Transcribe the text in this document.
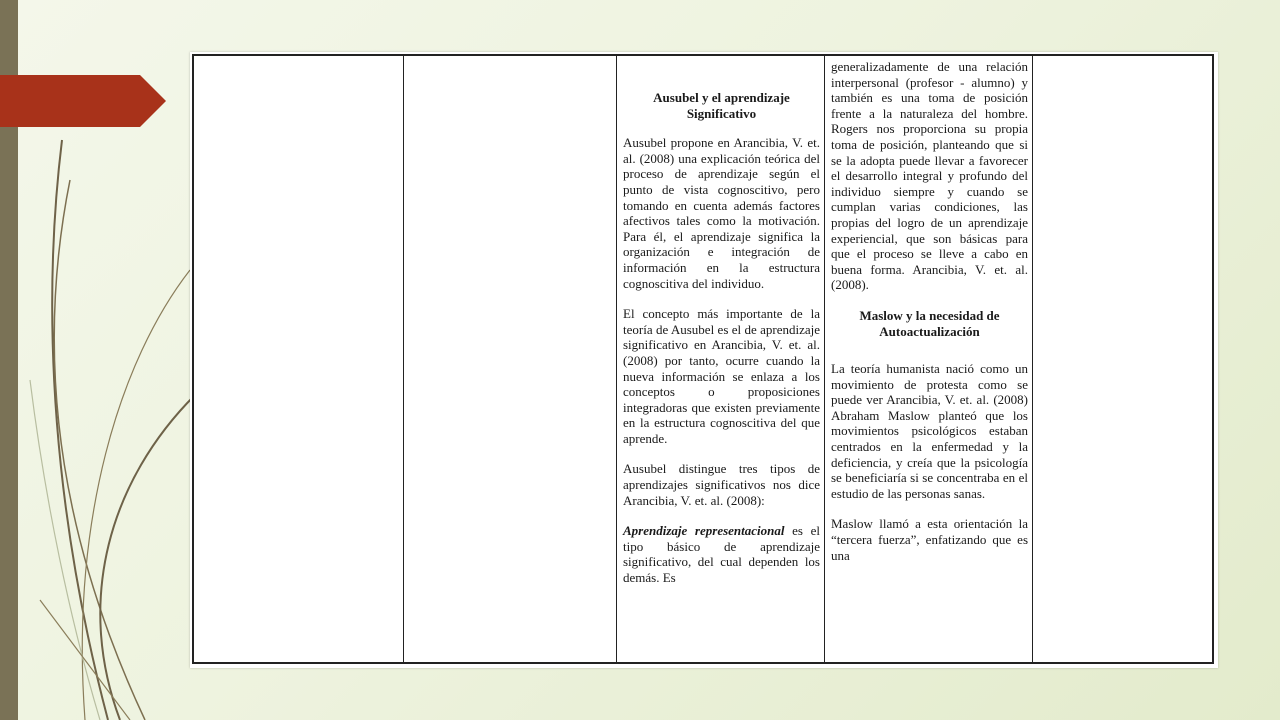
Ausubel y el aprendizaje Significativo

Ausubel propone en Arancibia, V. et. al. (2008) una explicación teórica del proceso de aprendizaje según el punto de vista cognoscitivo, pero tomando en cuenta además factores afectivos tales como la motivación. Para él, el aprendizaje significa la organización e integración de información en la estructura cognoscitiva del individuo.

El concepto más importante de la teoría de Ausubel es el de aprendizaje significativo en Arancibia, V. et. al. (2008) por tanto, ocurre cuando la nueva información se enlaza a los conceptos o proposiciones integradoras que existen previamente en la estructura cognoscitiva del que aprende.

Ausubel distingue tres tipos de aprendizajes significativos nos dice Arancibia, V. et. al. (2008):

Aprendizaje representacional es el tipo básico de aprendizaje significativo, del cual dependen los demás. Es

generalizadamente de una relación interpersonal (profesor - alumno) y también es una toma de posición frente a la naturaleza del hombre. Rogers nos proporciona su propia toma de posición, planteando que si se la adopta puede llevar a favorecer el desarrollo integral y profundo del individuo siempre y cuando se cumplan varias condiciones, las propias del logro de un aprendizaje experiencial, que son básicas para que el proceso se lleve a cabo en buena forma. Arancibia, V. et. al. (2008).

Maslow y la necesidad de Autoactualización

La teoría humanista nació como un movimiento de protesta como se puede ver Arancibia, V. et. al. (2008) Abraham Maslow planteó que los movimientos psicológicos estaban centrados en la enfermedad y la deficiencia, y creía que la psicología se beneficiaría si se concentraba en el estudio de las personas sanas.

Maslow llamó a esta orientación la “tercera fuerza”, enfatizando que es una
